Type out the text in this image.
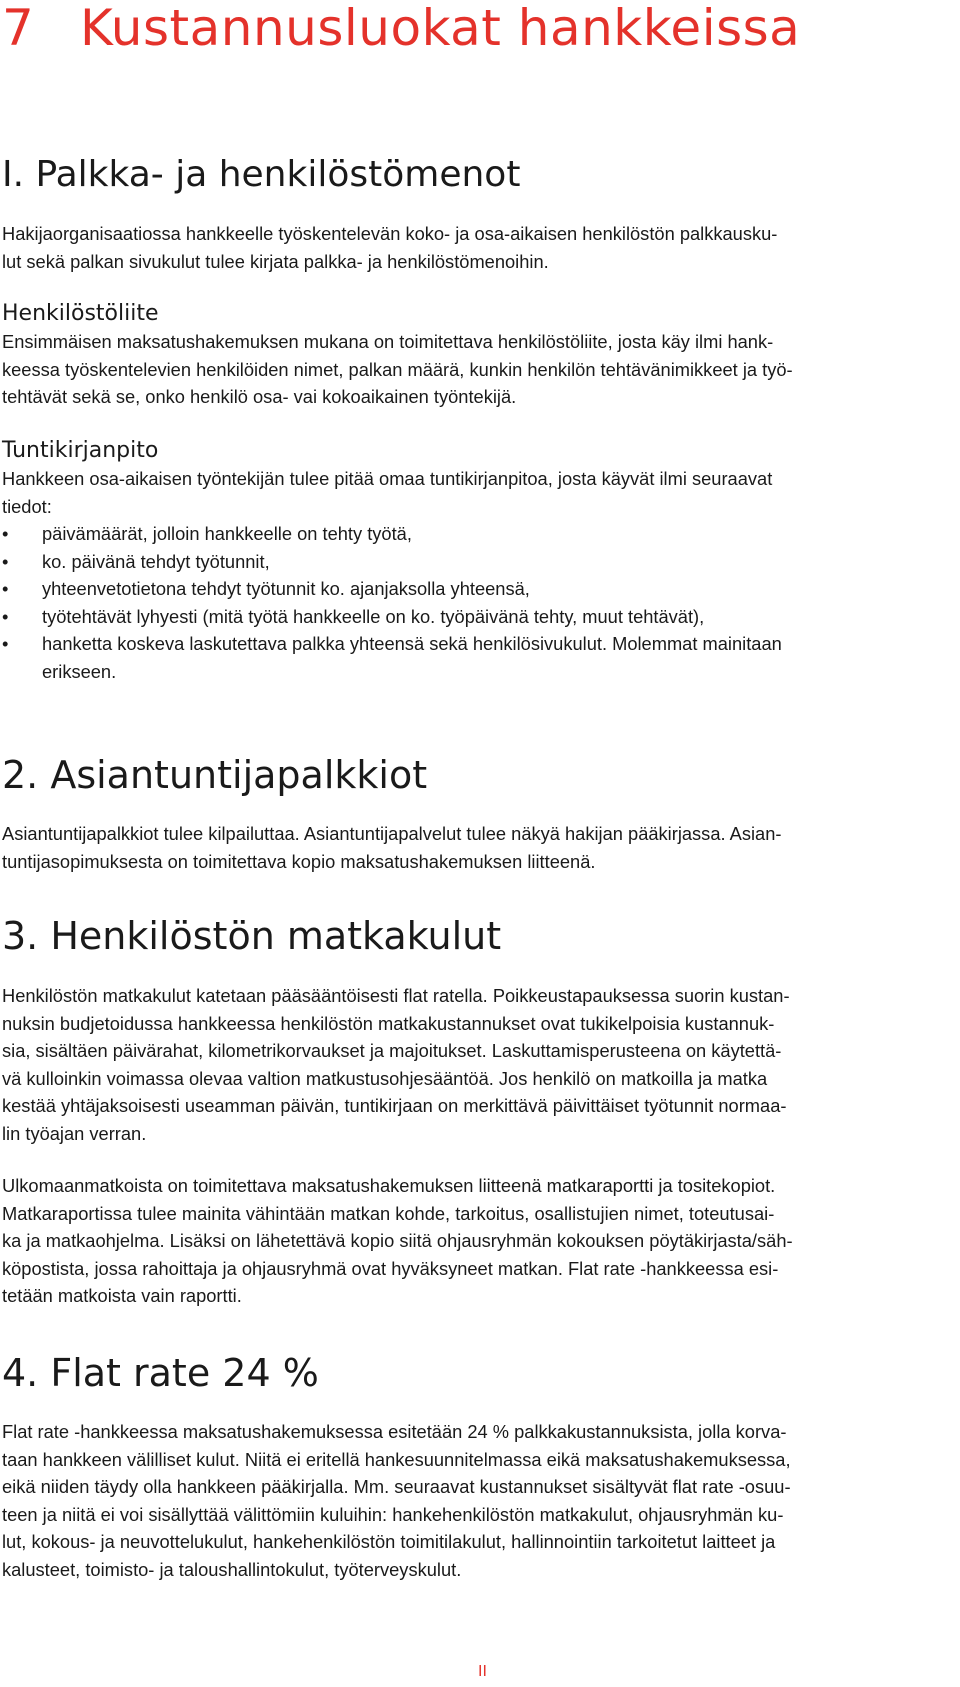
7 Kustannusluokat hankkeissa
I. Palkka- ja henkilöstömenot

Hakijaorganisaatiossa hankkeelle työskentelevän koko- ja osa-aikaisen henkilöstön palkkausku-
lut sekä palkan sivukulut tulee kirjata palkka- ja henkilöstömenoihin.

Henkilöstöliite

Ensimmäisen maksatushakemuksen mukana on toimitettava henkilöstöliite, josta käy ilmi hank-
keessa työskentelevien henkilöiden nimet, palkan määrä, kunkin henkilön tehtävänimikkeet ja työ-
tehtävät sekä se, onko henkilö osa- vai kokoaikainen työntekijä.

Tuntikirjanpito

Hankkeen osa-aikaisen työntekijän tulee pitää omaa tuntikirjanpitoa, josta käyvät ilmi seuraavat
tiedot:

• päivämäärät, jolloin hankkeelle on tehty työtä,
• ko. päivänä tehdyt työtunnit,
• yhteenvetotietona tehdyt työtunnit ko. ajanjaksolla yhteensä,
• työtehtävät lyhyesti (mitä työtä hankkeelle on ko. työpäivänä tehty, muut tehtävät),
• hanketta koskeva laskutettava palkka yhteensä sekä henkilösivukulut. Molemmat mainitaan
erikseen.
2. Asiantuntijapalkkiot

Asiantuntijapalkkiot tulee kilpailuttaa. Asiantuntijapalvelut tulee näkyä hakijan pääkirjassa. Asian-
tuntijasopimuksesta on toimitettava kopio maksatushakemuksen liitteenä.

3. Henkilöstön matkakulut

Henkilöstön matkakulut katetaan pääsääntöisesti flat ratella. Poikkeustapauksessa suorin kustan-
nuksin budjetoidussa hankkeessa henkilöstön matkakustannukset ovat tukikelpoisia kustannuk-
sia, sisältäen päivärahat, kilometrikorvaukset ja majoitukset. Laskuttamisperusteena on käytettä-
vä kulloinkin voimassa olevaa valtion matkustusohjesääntöä. Jos henkilö on matkoilla ja matka
kestää yhtäjaksoisesti useamman päivän, tuntikirjaan on merkittävä päivittäiset työtunnit normaa-
lin työajan verran.

Ulkomaanmatkoista on toimitettava maksatushakemuksen liitteenä matkaraportti ja tositekopiot.
Matkaraportissa tulee mainita vähintään matkan kohde, tarkoitus, osallistujien nimet, toteutusai-
ka ja matkaohjelma. Lisäksi on lähetettävä kopio siitä ohjausryhmän kokouksen pöytäkirjasta/säh-
köpostista, jossa rahoittaja ja ohjausryhmä ovat hyväksyneet matkan. Flat rate -hankkeessa esi-
tetään matkoista vain raportti.

4. Flat rate 24 %

Flat rate -hankkeessa maksatushakemuksessa esitetään 24 % palkkakustannuksista, jolla korva-
taan hankkeen välilliset kulut. Niitä ei eritellä hankesuunnitelmassa eikä maksatushakemuksessa,
eikä niiden täydy olla hankkeen pääkirjalla. Mm. seuraavat kustannukset sisältyvät flat rate -osuu-
teen ja niitä ei voi sisällyttää välittömiin kuluihin: hankehenkilöstön matkakulut, ohjausryhmän ku-
lut, kokous- ja neuvottelukulut, hankehenkilöstön toimitilakulut, hallinnointiin tarkoitetut laitteet ja
kalusteet, toimisto- ja taloushallintokulut, työterveyskulut.

II
